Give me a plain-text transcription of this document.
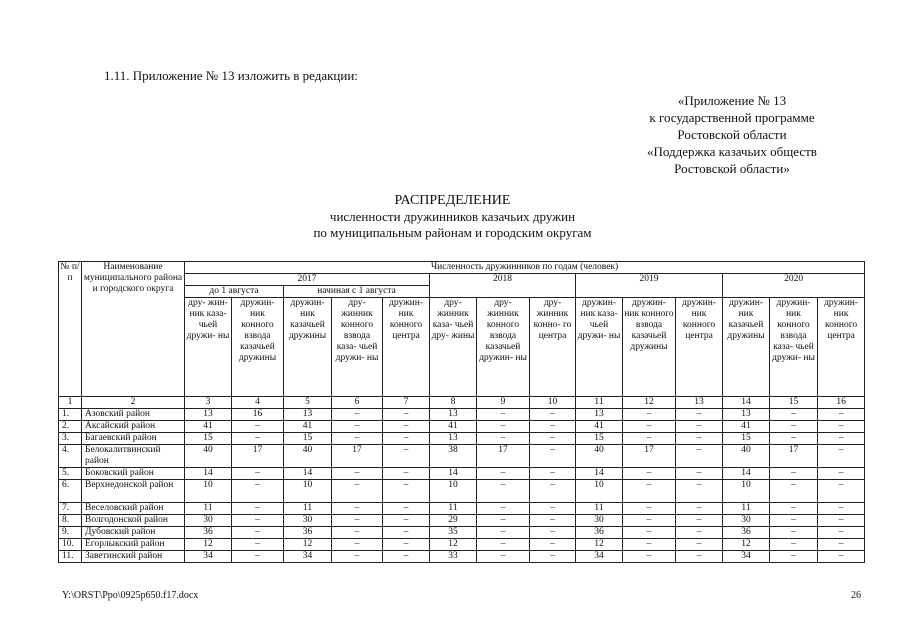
1.11. Приложение № 13 изложить в редакции:
«Приложение № 13
к государственной программе
Ростовской области
«Поддержка казачьих обществ
Ростовской области»
РАСПРЕДЕЛЕНИЕ
численности дружинников казачьих дружин
по муниципальным районам и городским округам
№ п/п	Наименование муниципального района и городского округа	Численность дружинников по годам (человек)													
		2017					2018			2019			2020		
		до 1 августа		начиная с 1 августа											
		дру- жин- ник каза- чьей дружи- ны	дружин- ник конного взвода казачьей дружины	дружин- ник казачьей дружины	дру- жинник конного взвода каза- чьей дружи- ны	дружин- ник конного центра	дру- жинник каза- чьей дру- жины	дру- жинник конного взвода казачьей дружин- ны	дру- жинник конно- го центра	дружин- ник каза- чьей дружи- ны	дружин- ник конного взвода казачьей дружины	дружин- ник конного центра	дружин- ник казачьей дружины	дружин- ник конного взвода каза- чьей дружи- ны	дружин- ник конного центра
1	2	3	4	5	6	7	8	9	10	11	12	13	14	15	16
1.	Азовский район	13	16	13	–	–	13	–	–	13	–	–	13	–	–
2.	Аксайский район	41	–	41	–	–	41	–	–	41	–	–	41	–	–
3.	Багаевский район	15	–	15	–	–	13	–	–	15	–	–	15	–	–
4.	Белокалитвинский район	40	17	40	17	–	38	17	–	40	17	–	40	17	–
5.	Боковский район	14	–	14	–	–	14	–	–	14	–	–	14	–	–
6.	Верхнедонской район	10	–	10	–	–	10	–	–	10	–	–	10	–	–
7.	Веселовский район	11	–	11	–	–	11	–	–	11	–	–	11	–	–
8.	Волгодонской район	30	–	30	–	–	29	–	–	30	–	–	30	–	–
9.	Дубовский район	36	–	36	–	–	35	–	–	36	–	–	36	–	–
10.	Егорлыкский район	12	–	12	–	–	12	–	–	12	–	–	12	–	–
11.	Заветинский район	34	–	34	–	–	33	–	–	34	–	–	34	–	–
Y:\ORST\Ppo\0925p650.f17.docx	26
